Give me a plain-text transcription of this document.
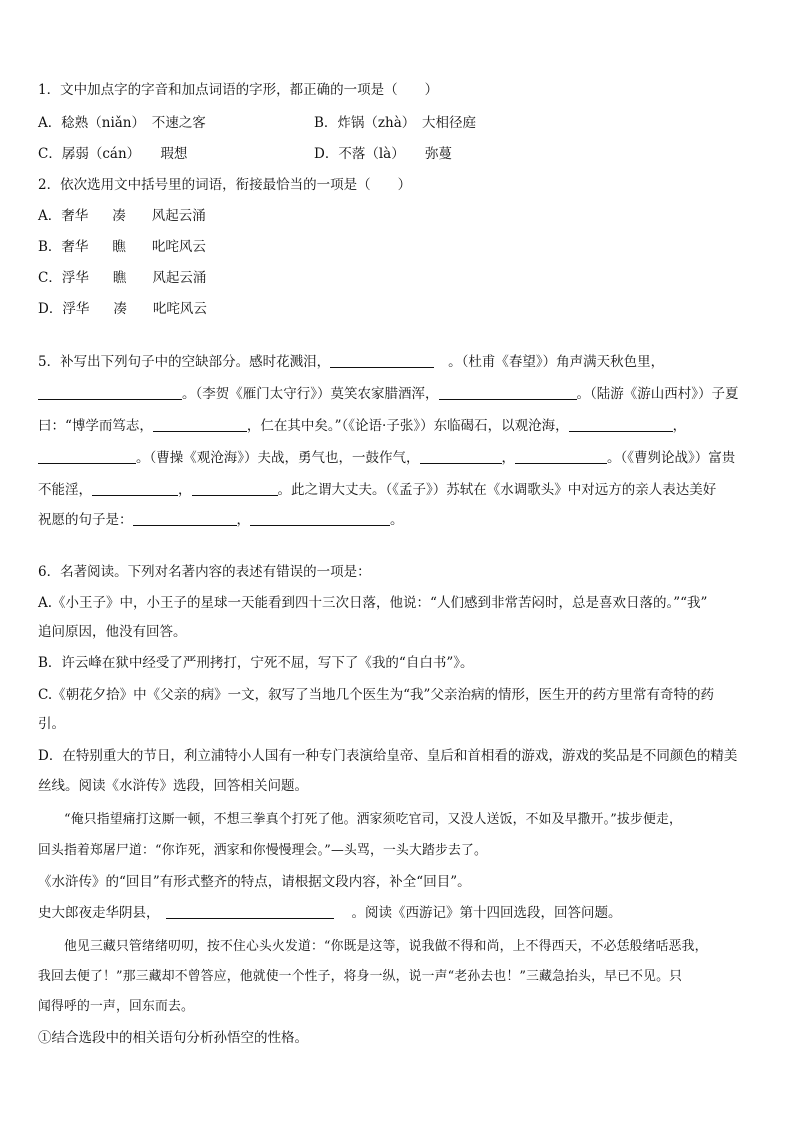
1．文中加点字的字音和加点词语的字形，都正确的一项是（　　）
A．稔熟（niǎn）　不速之客	B．炸锅（zhà）　大相径庭
C．孱弱（cán）　　瑕想	D．不落（là）　　弥蔓
2．依次选用文中括号里的词语，衔接最恰当的一项是（　　）
A．奢华 凑 风起云涌
B．奢华 瞧 叱咤风云
C．浮华 瞧 风起云涌
D．浮华 凑 叱咤风云
5．补写出下列句子中的空缺部分。感时花溅泪，	。（杜甫《春望》）角声满天秋色里，
。（李贺《雁门太守行》）莫笑农家腊酒浑，	。（陆游《游山西村》）子夏
曰：“博学而笃志，	，仁在其中矣。”（《论语·子张》）东临碣石，以观沧海，	，
。（曹操《观沧海》）夫战，勇气也，一鼓作气，	，	。（《曹刿论战》）富贵
不能淫，	，	。此之谓大丈夫。（《孟子》）苏轼在《水调歌头》中对远方的亲人表达美好
祝愿的句子是：	，	。
6．名著阅读。下列对名著内容的表述有错误的一项是：
A.《小王子》中，小王子的星球一天能看到四十三次日落，他说：“人们感到非常苦闷时，总是喜欢日落的。”“我”
追问原因，他没有回答。
B．许云峰在狱中经受了严刑拷打，宁死不屈，写下了《我的“自白书”》。
C.《朝花夕拾》中《父亲的病》一文，叙写了当地几个医生为“我”父亲治病的情形，医生开的药方里常有奇特的药
引。
D．在特别重大的节日，利立浦特小人国有一种专门表演给皇帝、皇后和首相看的游戏，游戏的奖品是不同颜色的精美
丝线。阅读《水浒传》选段，回答相关问题。
“俺只指望痛打这厮一顿，不想三拳真个打死了他。洒家须吃官司，又没人送饭，不如及早撒开。”拔步便走，
回头指着郑屠尸道：“你诈死，洒家和你慢慢理会。”—头骂，一头大踏步去了。
《水浒传》的“回目”有形式整齐的特点，请根据文段内容，补全“回目”。
史大郎夜走华阴县，	。阅读《西游记》第十四回选段，回答问题。
他见三藏只管绪绪叨叨，按不住心头火发道：“你既是这等，说我做不得和尚，上不得西天，不必恁般绪咶恶我，
我回去便了！”那三藏却不曾答应，他就使一个性子，将身一纵，说一声“老孙去也！”三藏急抬头，早已不见。只
闻得呼的一声，回东而去。
①结合选段中的相关语句分析孙悟空的性格。
